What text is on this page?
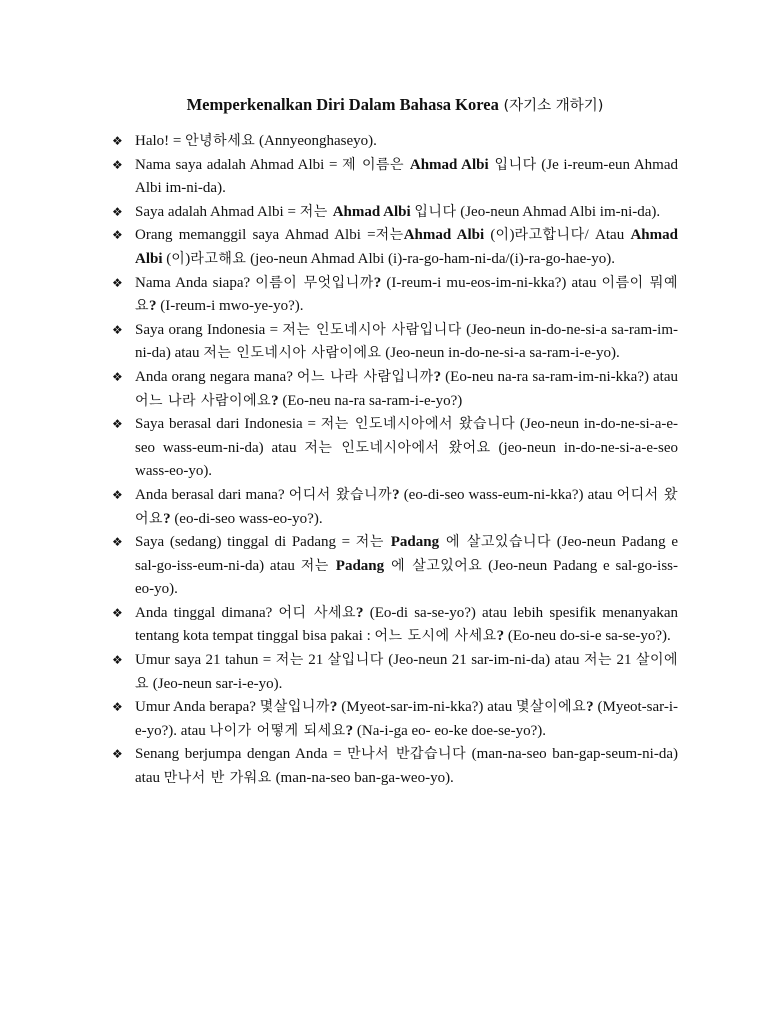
Memperkenalkan Diri Dalam Bahasa Korea (자기소 개하기)
❖ Halo! = 안녕하세요 (Annyeonghaseyo).
❖ Nama saya adalah Ahmad Albi = 제 이름은 Ahmad Albi 입니다 (Je i-reum-eun Ahmad Albi im-ni-da).
❖ Saya adalah Ahmad Albi = 저는 Ahmad Albi 입니다 (Jeo-neun Ahmad Albi im-ni-da).
❖ Orang memanggil saya Ahmad Albi =저는Ahmad Albi (이)라고합니다/ Atau Ahmad Albi (이)라고해요 (jeo-neun Ahmad Albi (i)-ra-go-ham-ni-da/(i)-ra-go-hae-yo).
❖ Nama Anda siapa? 이름이 무엇입니까? (I-reum-i mu-eos-im-ni-kka?) atau 이름이 뭐예요? (I-reum-i mwo-ye-yo?).
❖ Saya orang Indonesia = 저는 인도네시아 사람입니다 (Jeo-neun in-do-ne-si-a sa-ram-im-ni-da) atau 저는 인도네시아 사람이에요 (Jeo-neun in-do-ne-si-a sa-ram-i-e-yo).
❖ Anda orang negara mana? 어느 나라 사람입니까? (Eo-neu na-ra sa-ram-im-ni-kka?) atau 어느 나라 사람이에요? (Eo-neu na-ra sa-ram-i-e-yo?)
❖ Saya berasal dari Indonesia = 저는 인도네시아에서 왔습니다 (Jeo-neun in-do-ne-si-a-e-seo wass-eum-ni-da) atau 저는 인도네시아에서 왔어요 (jeo-neun in-do-ne-si-a-e-seo wass-eo-yo).
❖ Anda berasal dari mana? 어디서 왔습니까? (eo-di-seo wass-eum-ni-kka?) atau 어디서 왔어요? (eo-di-seo wass-eo-yo?).
❖ Saya (sedang) tinggal di Padang = 저는 Padang 에 살고있습니다 (Jeo-neun Padang e sal-go-iss-eum-ni-da) atau 저는 Padang 에 살고있어요 (Jeo-neun Padang e sal-go-iss-eo-yo).
❖ Anda tinggal dimana? 어디 사세요? (Eo-di sa-se-yo?) atau lebih spesifik menanyakan tentang kota tempat tinggal bisa pakai : 어느 도시에 사세요? (Eo-neu do-si-e sa-se-yo?).
❖ Umur saya 21 tahun = 저는 21 살입니다 (Jeo-neun 21 sar-im-ni-da) atau 저는 21 살이에요 (Jeo-neun sar-i-e-yo).
❖ Umur Anda berapa? 몇살입니까? (Myeot-sar-im-ni-kka?) atau 몇살이에요? (Myeot-sar-i-e-yo?). atau 나이가 어떻게 되세요? (Na-i-ga eo- eo-ke doe-se-yo?).
❖ Senang berjumpa dengan Anda = 만나서 반갑습니다 (man-na-seo ban-gap-seum-ni-da) atau 만나서 반 가워요 (man-na-seo ban-ga-weo-yo).
